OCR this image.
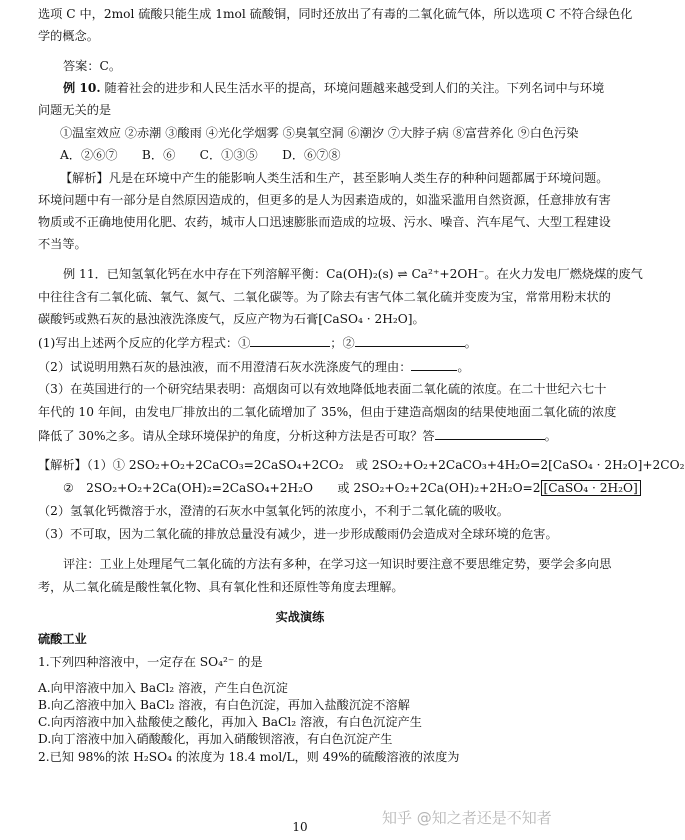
选项 C 中，2mol 硫酸只能生成 1mol 硫酸铜，同时还放出了有毒的二氧化硫气体，所以选项 C 不符合绿色化
学的概念。
答案：C。
例 10. 随着社会的进步和人民生活水平的提高，环境问题越来越受到人们的关注。下列名词中与环境
问题无关的是
①温室效应 ②赤潮 ③酸雨 ④光化学烟雾 ⑤臭氧空洞 ⑥潮汐 ⑦大脖子病 ⑧富营养化 ⑨白色污染
A．②⑥⑦　　B．⑥　　C．①③⑤　　D．⑥⑦⑧
【解析】凡是在环境中产生的能影响人类生活和生产，甚至影响人类生存的种种问题都属于环境问题。
环境问题中有一部分是自然原因造成的，但更多的是人为因素造成的，如滥采滥用自然资源，任意排放有害
物质或不正确地使用化肥、农药，城市人口迅速膨胀而造成的垃圾、污水、噪音、汽车尾气、大型工程建设
不当等。
例 11．已知氢氧化钙在水中存在下列溶解平衡：Ca(OH)₂(s) ⇌ Ca²⁺+2OH⁻。在火力发电厂燃烧煤的废气
中往往含有二氧化硫、氧气、氮气、二氧化碳等。为了除去有害气体二氧化硫并变废为宝，常常用粉末状的
碳酸钙或熟石灰的悬浊液洗涤废气，反应产物为石膏[CaSO₄ · 2H₂O]。
(1)写出上述两个反应的化学方程式：①	；②	。
（2）试说明用熟石灰的悬浊液，而不用澄清石灰水洗涤废气的理由：	。
（3）在英国进行的一个研究结果表明：高烟囱可以有效地降低地表面二氧化硫的浓度。在二十世纪六七十
年代的 10 年间，由发电厂排放出的二氧化硫增加了 35%，但由于建造高烟囱的结果使地面二氧化硫的浓度
降低了 30%之多。请从全球环境保护的角度，分析这种方法是否可取？答	。
【解析】（1）① 2SO₂+O₂+2CaCO₃=2CaSO₄+2CO₂　或 2SO₂+O₂+2CaCO₃+4H₂O=2[CaSO₄ · 2H₂O]+2CO₂
②　2SO₂+O₂+2Ca(OH)₂=2CaSO₄+2H₂O　　或 2SO₂+O₂+2Ca(OH)₂+2H₂O=2 [CaSO₄ · 2H₂O]
（2）氢氧化钙微溶于水，澄清的石灰水中氢氧化钙的浓度小，不利于二氧化硫的吸收。
（3）不可取，因为二氧化硫的排放总量没有减少，进一步形成酸雨仍会造成对全球环境的危害。
评注：工业上处理尾气二氧化硫的方法有多种，在学习这一知识时要注意不要思维定势，要学会多向思
考，从二氧化硫是酸性氧化物、具有氧化性和还原性等角度去理解。
实战演练
硫酸工业
1.下列四种溶液中，一定存在 SO₄²⁻ 的是
A.向甲溶液中加入 BaCl₂ 溶液，产生白色沉淀
B.向乙溶液中加入 BaCl₂ 溶液，有白色沉淀，再加入盐酸沉淀不溶解
C.向丙溶液中加入盐酸使之酸化，再加入 BaCl₂ 溶液，有白色沉淀产生
D.向丁溶液中加入硝酸酸化，再加入硝酸钡溶液，有白色沉淀产生
2.已知 98%的浓 H₂SO₄ 的浓度为 18.4 mol/L，则 49%的硫酸溶液的浓度为
知乎 @知之者还是不知者
10
